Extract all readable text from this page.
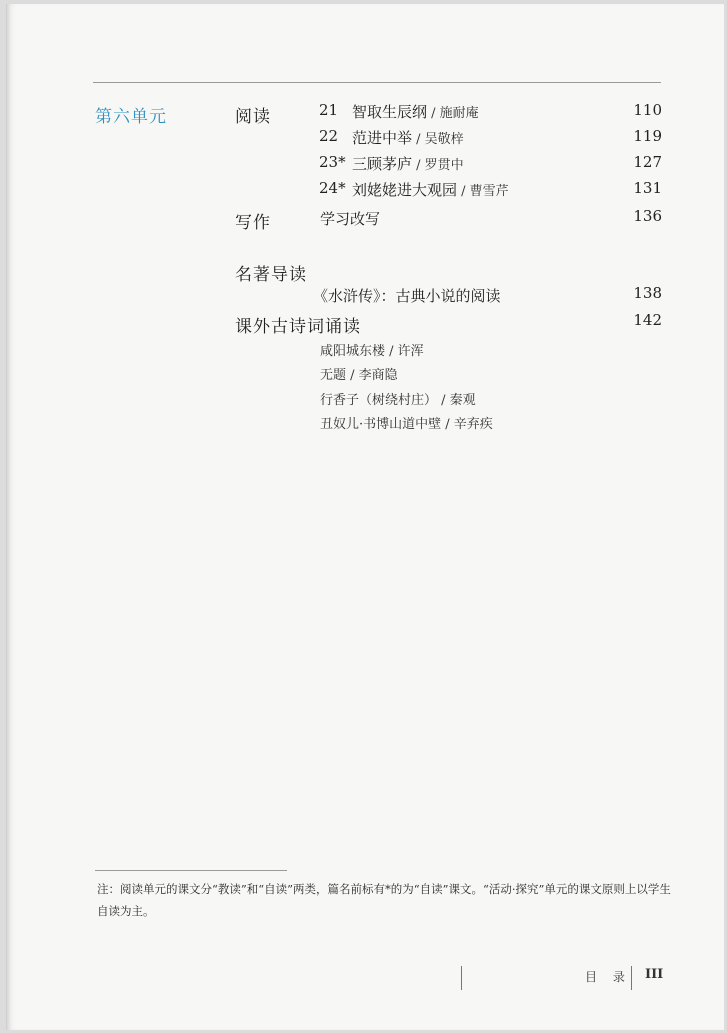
第六单元	阅读	21 智取生辰纲 / 施耐庵	110
22 范进中举 / 吴敬梓	119
23* 三顾茅庐 / 罗贯中	127
24* 刘姥姥进大观园 / 曹雪芹	131
写作	学习改写	136
名著导读
《水浒传》：古典小说的阅读	138
课外古诗词诵读	142
咸阳城东楼 / 许浑
无题 / 李商隐
行香子（树绕村庄） / 秦观
丑奴儿·书博山道中壁 / 辛弃疾
注：阅读单元的课文分“教读”和“自读”两类，篇名前标有*的为“自读”课文。“活动·探究”单元的课文原则上以学生自读为主。
目 录 III
